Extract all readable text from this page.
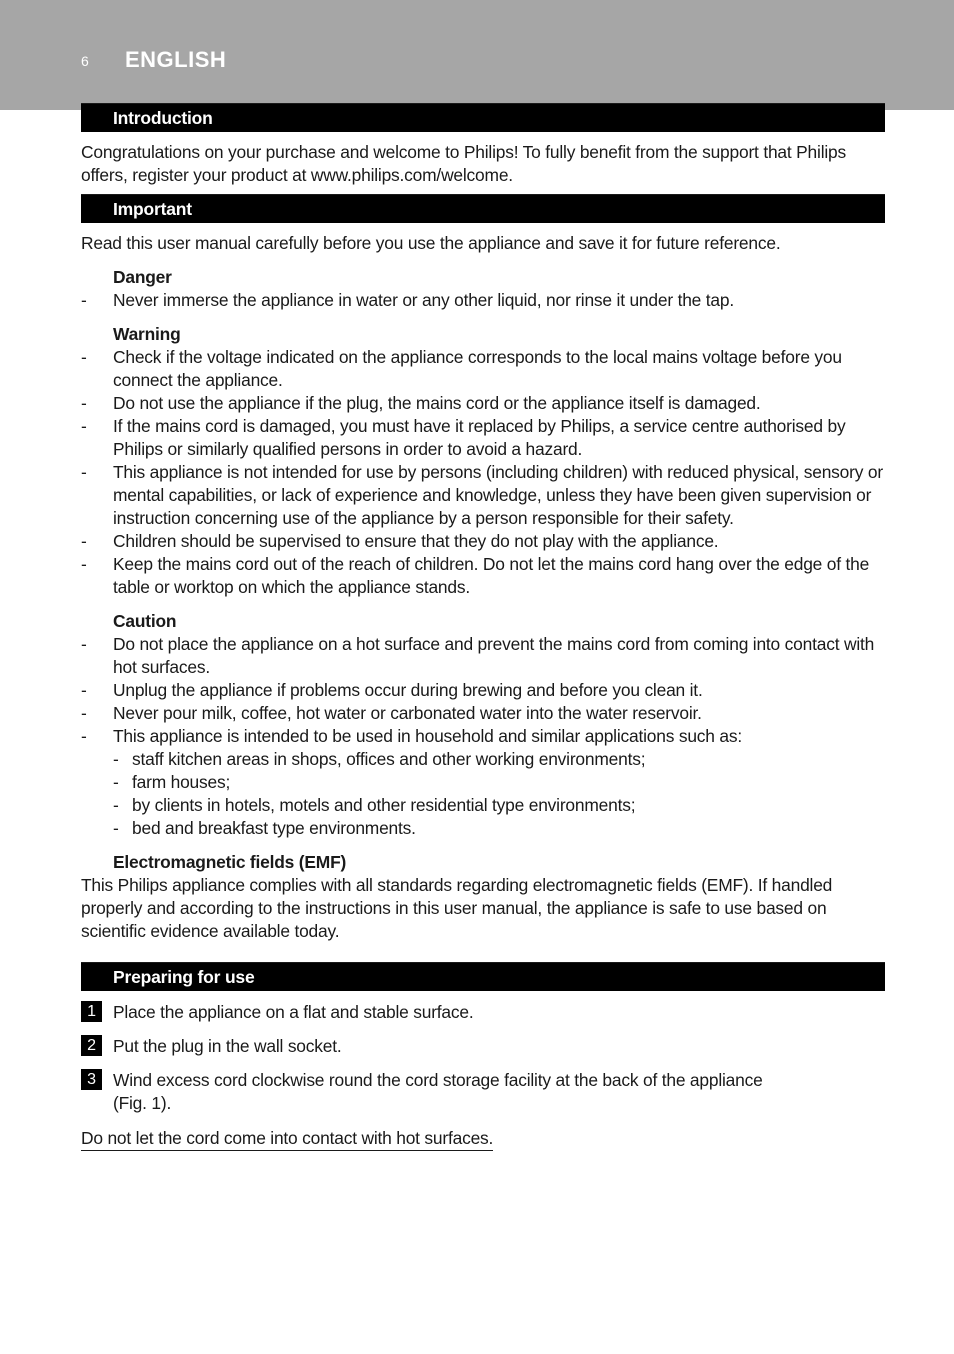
6 ENGLISH
Introduction

Congratulations on your purchase and welcome to Philips! To fully benefit from the support that Philips offers, register your product at www.philips.com/welcome.

Important

Read this user manual carefully before you use the appliance and save it for future reference.

Danger
- Never immerse the appliance in water or any other liquid, nor rinse it under the tap.
Warning
- Check if the voltage indicated on the appliance corresponds to the local mains voltage before you connect the appliance.
- Do not use the appliance if the plug, the mains cord or the appliance itself is damaged.
- If the mains cord is damaged, you must have it replaced by Philips, a service centre authorised by Philips or similarly qualified persons in order to avoid a hazard.
- This appliance is not intended for use by persons (including children) with reduced physical, sensory or mental capabilities, or lack of experience and knowledge, unless they have been given supervision or instruction concerning use of the appliance by a person responsible for their safety.
- Children should be supervised to ensure that they do not play with the appliance.
- Keep the mains cord out of the reach of children. Do not let the mains cord hang over the edge of the table or worktop on which the appliance stands.
Caution
- Do not place the appliance on a hot surface and prevent the mains cord from coming into contact with hot surfaces.
- Unplug the appliance if problems occur during brewing and before you clean it.
- Never pour milk, coffee, hot water or carbonated water into the water reservoir.
- This appliance is intended to be used in household and similar applications such as:
- staff kitchen areas in shops, offices and other working environments;
- farm houses;
- by clients in hotels, motels and other residential type environments;
- bed and breakfast type environments.
Electromagnetic fields (EMF)

This Philips appliance complies with all standards regarding electromagnetic fields (EMF). If handled properly and according to the instructions in this user manual, the appliance is safe to use based on scientific evidence available today.

Preparing for use
1 Place the appliance on a flat and stable surface.
2 Put the plug in the wall socket.
3 Wind excess cord clockwise round the cord storage facility at the back of the appliance (Fig. 1).
Do not let the cord come into contact with hot surfaces.
